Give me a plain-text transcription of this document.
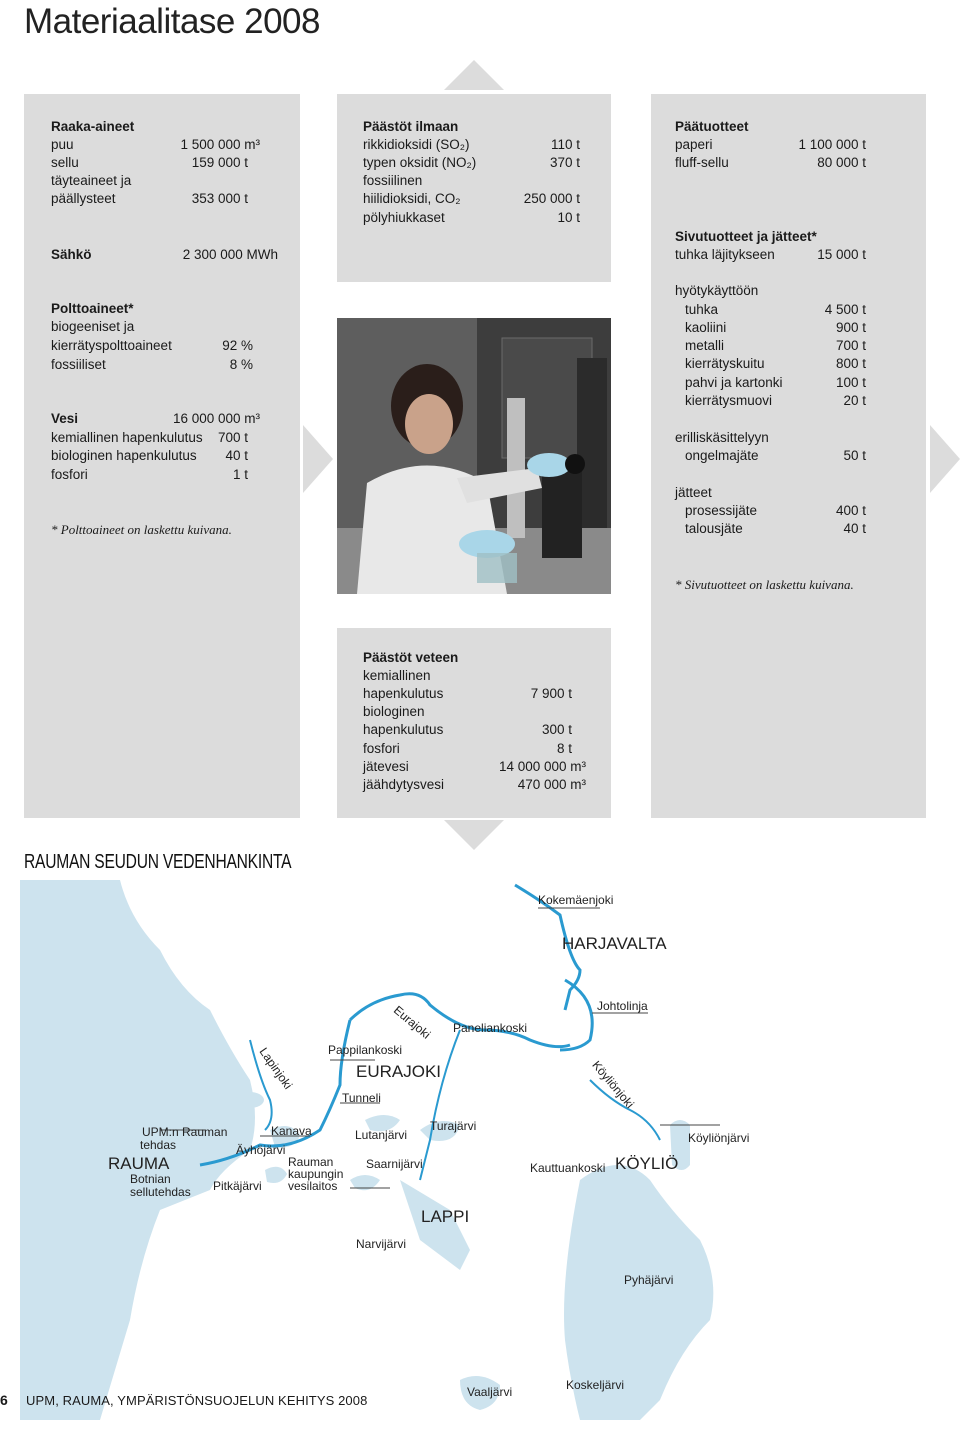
Materiaalitase 2008
Raaka-aineet
puu	1 500 000 m³
sellu	159 000 t
täyteaineet ja
päällysteet	353 000 t
Sähkö	2 300 000 MWh
Polttoaineet*
biogeeniset ja
kierrätyspolttoaineet	92 %
fossiiliset	8 %
Vesi	16 000 000 m³
kemiallinen hapenkulutus	700 t
biologinen hapenkulutus	40 t
fosfori	1 t
* Polttoaineet on laskettu kuivana.
Päästöt ilmaan
rikkidioksidi (SO₂)	110 t
typen oksidit (NO₂)	370 t
fossiilinen
hiilidioksidi, CO₂	250 000 t
pölyhiukkaset	10 t
Päätuotteet
paperi	1 100 000 t
fluff-sellu	80 000 t
Sivutuotteet ja jätteet*
tuhka läjitykseen	15 000 t
hyötykäyttöön
tuhka	4 500 t
kaoliini	900 t
metalli	700 t
kierrätyskuitu	800 t
pahvi ja kartonki	100 t
kierrätysmuovi	20 t
erilliskäsittelyyn
ongelmajäte	50 t
jätteet
prosessijäte	400 t
talousjäte	40 t
* Sivutuotteet on laskettu kuivana.
Päästöt veteen
kemiallinen
hapenkulutus	7 900 t
biologinen
hapenkulutus	300 t
fosfori	8 t
jätevesi	14 000 000 m³
jäähdytysvesi	470 000 m³
RAUMAN SEUDUN VEDENHANKINTA
Kokemäenjoki
HARJAVALTA
Eurajoki Paneliankoski
Johtolinja
Lapinjoki	Pappilankoski
EURAJOKI
Tunneli	Köyliönjoki
UPM:n Rauman
tehdas
Kanava	Lutanjärvi
Turajärvi
Köyliönjärvi
Äyhöjärvi
RAUMA	Rauman
kaupungin
vesilaitos
Saarnijärvi	Kauttuankoski KÖYLIÖ
Botnian
sellutehdas Pitkäjärvi
LAPPI
Narvijärvi
Pyhäjärvi
Vaaljärvi	Koskeljärvi
6 UPM, RAUMA, YMPÄRISTÖNSUOJELUN KEHITYS 2008
